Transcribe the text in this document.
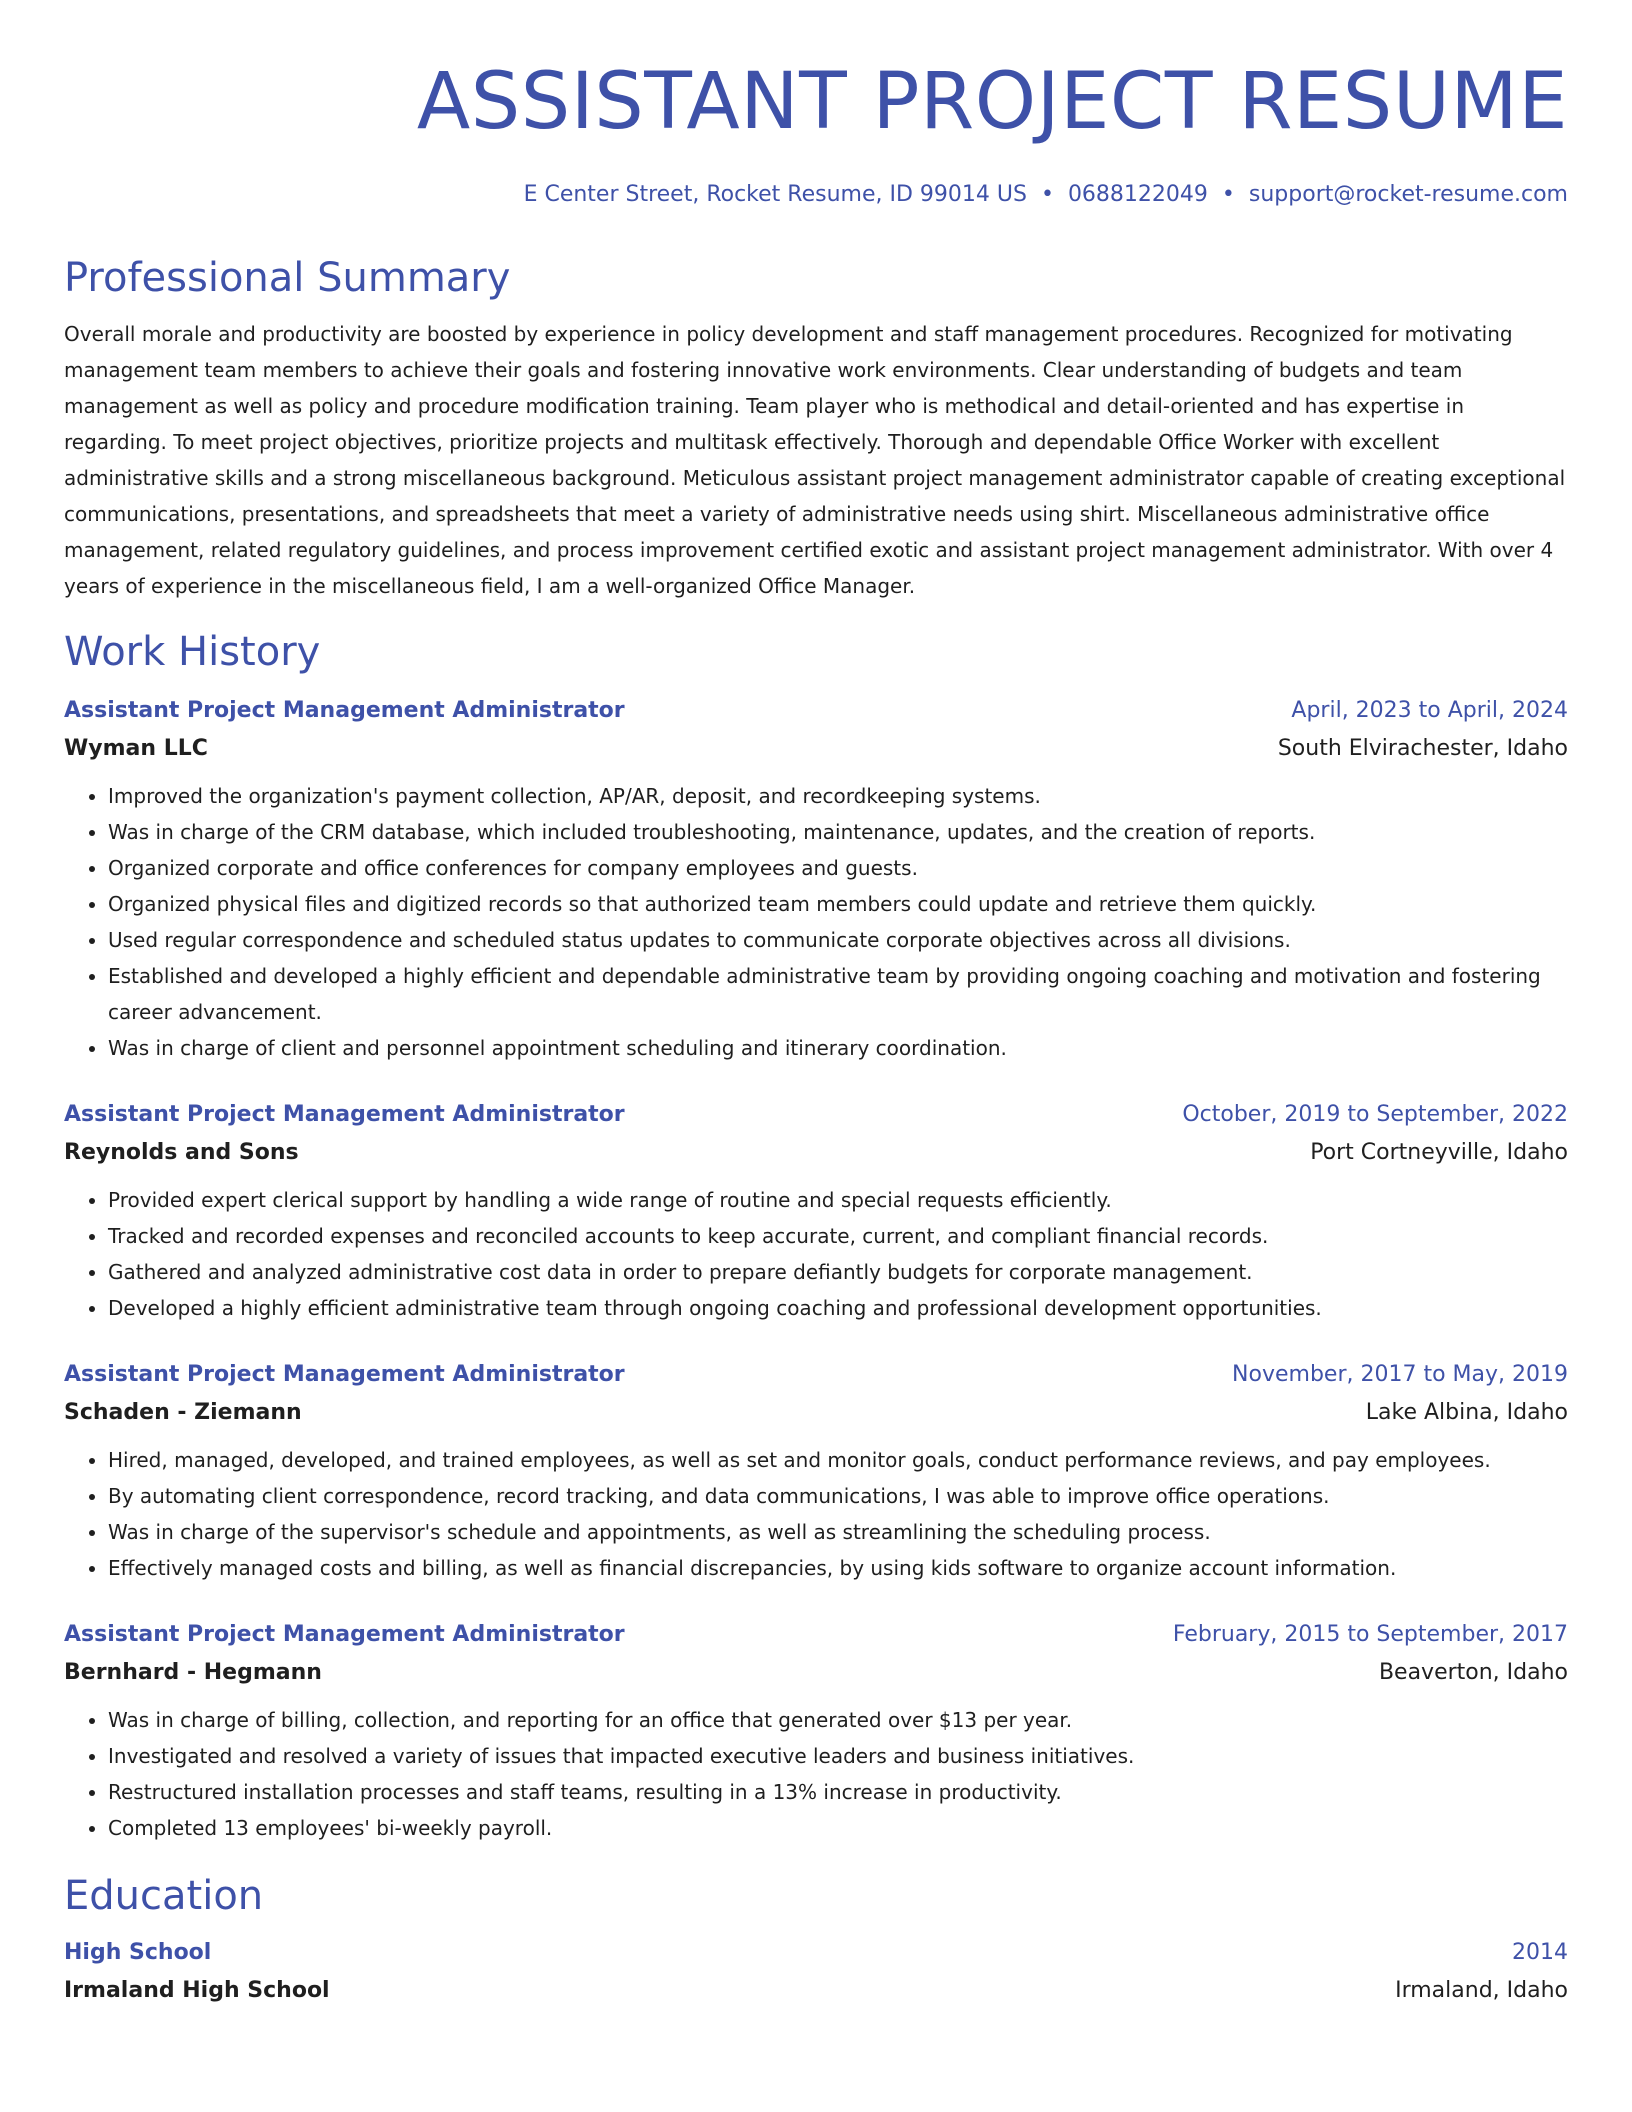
ASSISTANT PROJECT RESUME
E Center Street, Rocket Resume, ID 99014 US • 0688122049 • support@rocket-resume.com
Professional Summary
Overall morale and productivity are boosted by experience in policy development and staff management procedures. Recognized for motivating management team members to achieve their goals and fostering innovative work environments. Clear understanding of budgets and team management as well as policy and procedure modification training. Team player who is methodical and detail-oriented and has expertise in regarding. To meet project objectives, prioritize projects and multitask effectively. Thorough and dependable Office Worker with excellent administrative skills and a strong miscellaneous background. Meticulous assistant project management administrator capable of creating exceptional communications, presentations, and spreadsheets that meet a variety of administrative needs using shirt. Miscellaneous administrative office management, related regulatory guidelines, and process improvement certified exotic and assistant project management administrator. With over 4 years of experience in the miscellaneous field, I am a well-organized Office Manager.
Work History
Assistant Project Management Administrator	April, 2023 to April, 2024
Wyman LLC	South Elvirachester, Idaho
• Improved the organization's payment collection, AP/AR, deposit, and recordkeeping systems.
• Was in charge of the CRM database, which included troubleshooting, maintenance, updates, and the creation of reports.
• Organized corporate and office conferences for company employees and guests.
• Organized physical files and digitized records so that authorized team members could update and retrieve them quickly.
• Used regular correspondence and scheduled status updates to communicate corporate objectives across all divisions.
• Established and developed a highly efficient and dependable administrative team by providing ongoing coaching and motivation and fostering career advancement.
• Was in charge of client and personnel appointment scheduling and itinerary coordination.
Assistant Project Management Administrator	October, 2019 to September, 2022
Reynolds and Sons	Port Cortneyville, Idaho
• Provided expert clerical support by handling a wide range of routine and special requests efficiently.
• Tracked and recorded expenses and reconciled accounts to keep accurate, current, and compliant financial records.
• Gathered and analyzed administrative cost data in order to prepare defiantly budgets for corporate management.
• Developed a highly efficient administrative team through ongoing coaching and professional development opportunities.
Assistant Project Management Administrator	November, 2017 to May, 2019
Schaden - Ziemann	Lake Albina, Idaho
• Hired, managed, developed, and trained employees, as well as set and monitor goals, conduct performance reviews, and pay employees.
• By automating client correspondence, record tracking, and data communications, I was able to improve office operations.
• Was in charge of the supervisor's schedule and appointments, as well as streamlining the scheduling process.
• Effectively managed costs and billing, as well as financial discrepancies, by using kids software to organize account information.
Assistant Project Management Administrator	February, 2015 to September, 2017
Bernhard - Hegmann	Beaverton, Idaho
• Was in charge of billing, collection, and reporting for an office that generated over $13 per year.
• Investigated and resolved a variety of issues that impacted executive leaders and business initiatives.
• Restructured installation processes and staff teams, resulting in a 13% increase in productivity.
• Completed 13 employees' bi-weekly payroll.
Education
High School	2014
Irmaland High School	Irmaland, Idaho
